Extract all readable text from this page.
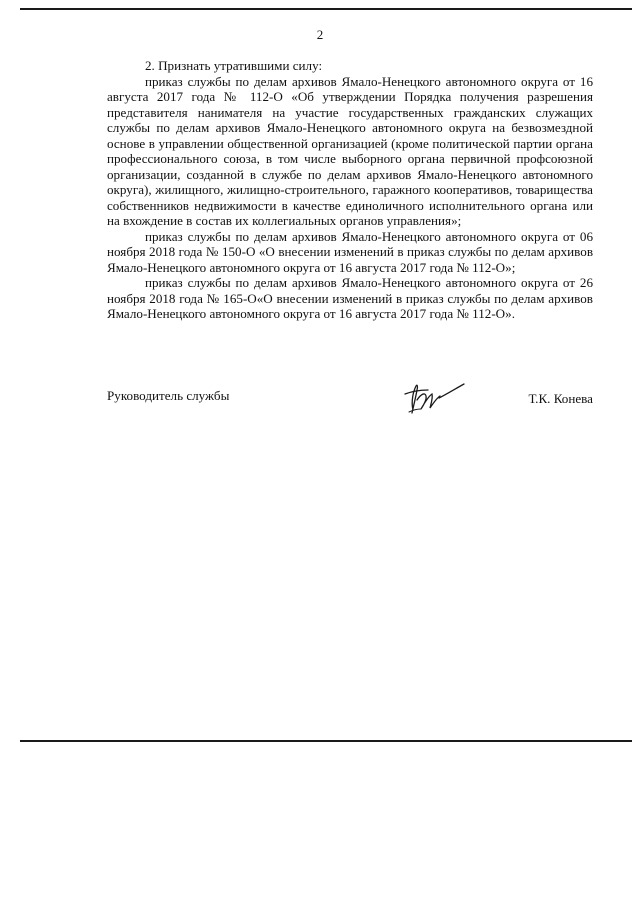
2

2. Признать утратившими силу:

приказ службы по делам архивов Ямало-Ненецкого автономного округа от 16 августа 2017 года № 112-О «Об утверждении Порядка получения разрешения представителя нанимателя на участие государственных гражданских служащих службы по делам архивов Ямало-Ненецкого автономного округа на безвозмездной основе в управлении общественной организацией (кроме политической партии органа профессионального союза, в том числе выборного органа первичной профсоюзной организации, созданной в службе по делам архивов Ямало-Ненецкого автономного округа), жилищного, жилищно-строительного, гаражного кооперативов, товарищества собственников недвижимости в качестве единоличного исполнительного органа или на вхождение в состав их коллегиальных органов управления»;

приказ службы по делам архивов Ямало-Ненецкого автономного округа от 06 ноября 2018 года № 150-О «О внесении изменений в приказ службы по делам архивов Ямало-Ненецкого автономного округа от 16 августа 2017 года № 112-О»;

приказ службы по делам архивов Ямало-Ненецкого автономного округа от 26 ноября 2018 года № 165-О«О внесении изменений в приказ службы по делам архивов Ямало-Ненецкого автономного округа от 16 августа 2017 года № 112-О».

Руководитель службы	Т.К. Конева
